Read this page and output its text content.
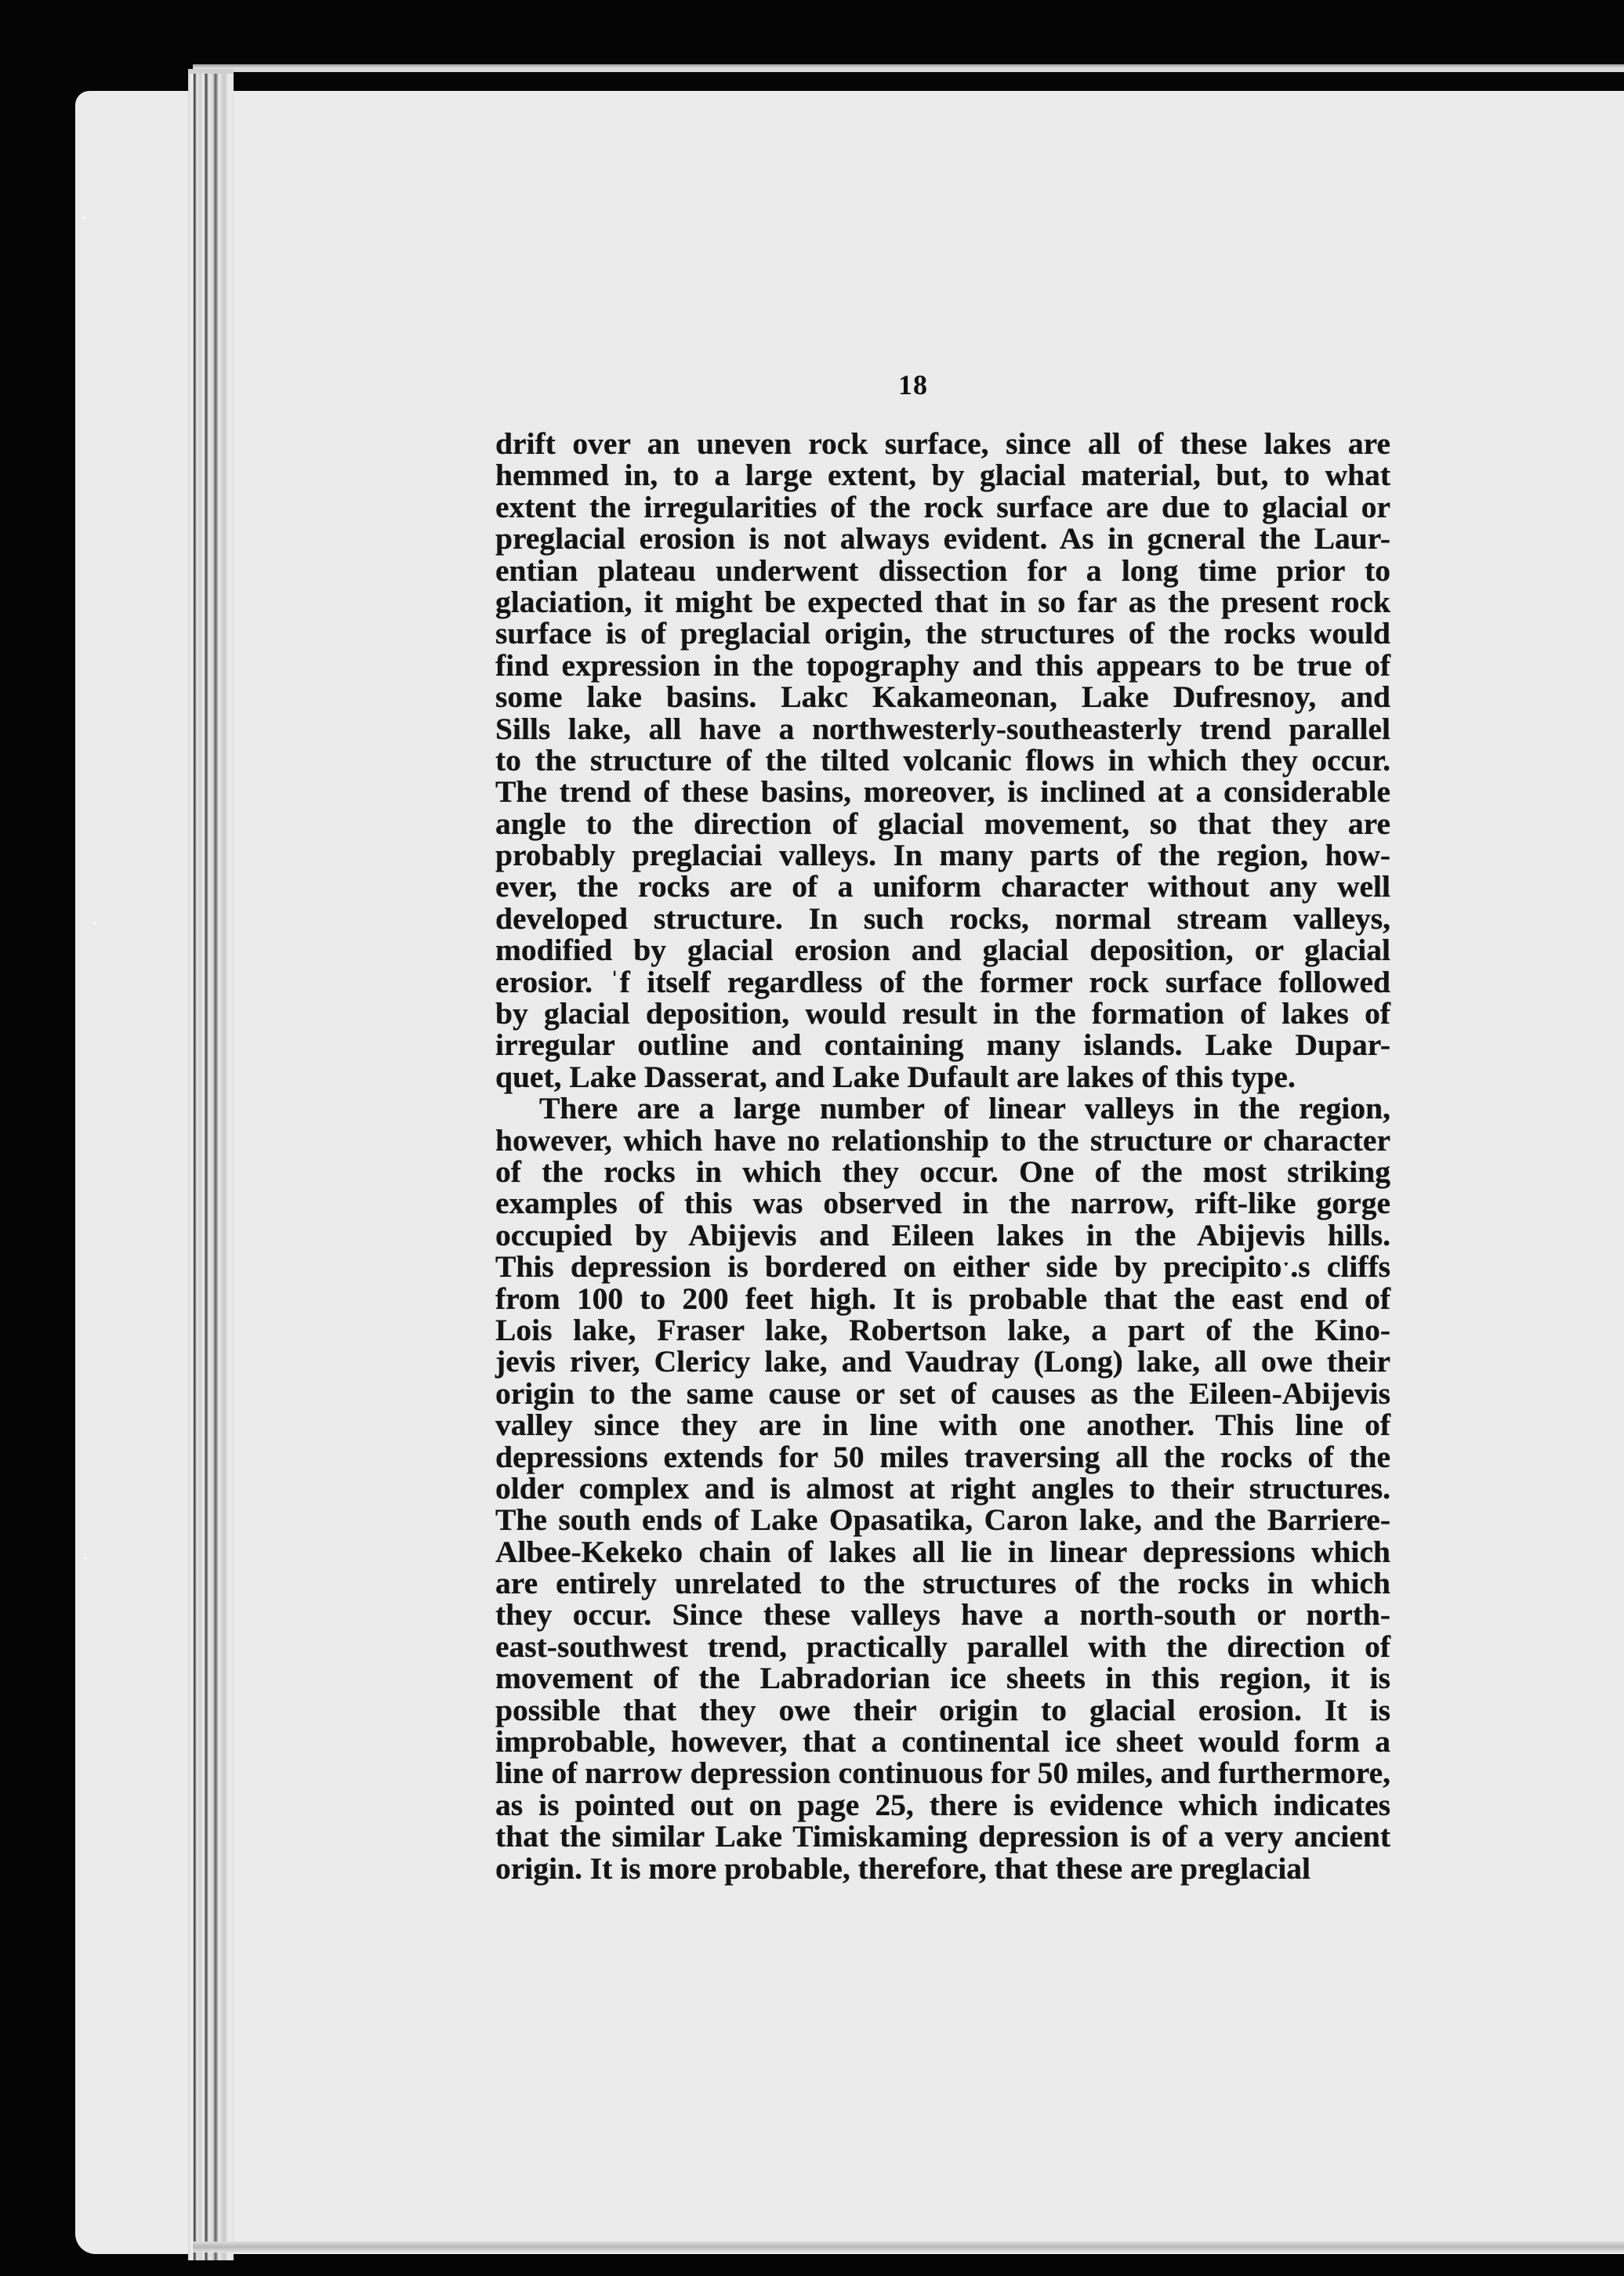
18
drift over an uneven rock surface, since all of these lakes are
hemmed in, to a large extent, by glacial material, but, to what
extent the irregularities of the rock surface are due to glacial or
preglacial erosion is not always evident. As in gcneral the Laur-
entian plateau underwent dissection for a long time prior to
glaciation, it might be expected that in so far as the present rock
surface is of preglacial origin, the structures of the rocks would
find expression in the topography and this appears to be true of
some lake basins. Lakc Kakameonan, Lake Dufresnoy, and
Sills lake, all have a northwesterly-southeasterly trend parallel
to the structure of the tilted volcanic flows in which they occur.
The trend of these basins, moreover, is inclined at a considerable
angle to the direction of glacial movement, so that they are
probably preglaciai valleys. In many parts of the region, how-
ever, the rocks are of a uniform character without any well
developed structure. In such rocks, normal stream valleys,
modified by glacial erosion and glacial deposition, or glacial
erosior. ˈf itself regardless of the former rock surface followed
by glacial deposition, would result in the formation of lakes of
irregular outline and containing many islands. Lake Dupar-
quet, Lake Dasserat, and Lake Dufault are lakes of this type.
There are a large number of linear valleys in the region,
however, which have no relationship to the structure or character
of the rocks in which they occur. One of the most striking
examples of this was observed in the narrow, rift-like gorge
occupied by Abijevis and Eileen lakes in the Abijevis hills.
This depression is bordered on either side by precipitoˑ.s cliffs
from 100 to 200 feet high. It is probable that the east end of
Lois lake, Fraser lake, Robertson lake, a part of the Kino-
jevis river, Clericy lake, and Vaudray (Long) lake, all owe their
origin to the same cause or set of causes as the Eileen-Abijevis
valley since they are in line with one another. This line of
depressions extends for 50 miles traversing all the rocks of the
older complex and is almost at right angles to their structures.
The south ends of Lake Opasatika, Caron lake, and the Barriere-
Albee-Kekeko chain of lakes all lie in linear depressions which
are entirely unrelated to the structures of the rocks in which
they occur. Since these valleys have a north-south or north-
east-southwest trend, practically parallel with the direction of
movement of the Labradorian ice sheets in this region, it is
possible that they owe their origin to glacial erosion. It is
improbable, however, that a continental ice sheet would form a
line of narrow depression continuous for 50 miles, and furthermore,
as is pointed out on page 25, there is evidence which indicates
that the similar Lake Timiskaming depression is of a very ancient
origin. It is more probable, therefore, that these are preglacial
